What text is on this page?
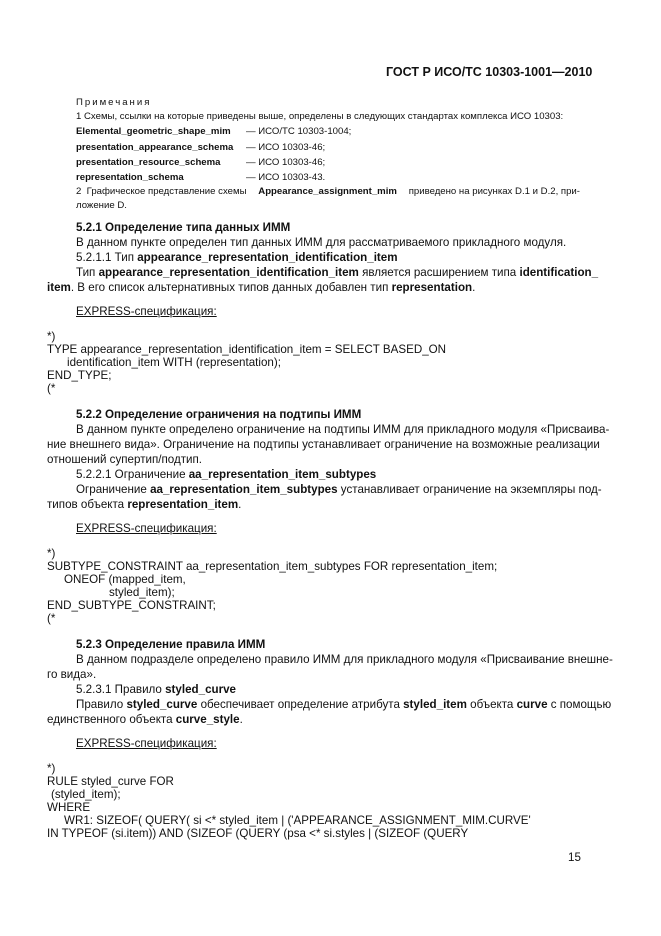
ГОСТ Р ИСО/ТС 10303-1001—2010
Примечания
1 Схемы, ссылки на которые приведены выше, определены в следующих стандартах комплекса ИСО 10303:
Elemental_geometric_shape_mim — ИСО/ТС 10303-1004;
presentation_appearance_schema — ИСО 10303-46;
presentation_resource_schema	— ИСО 10303-46;
representation_schema	— ИСО 10303-43.
2  Графическое представление схемы Appearance_assignment_mim приведено на рисунках D.1 и D.2, при-
ложение D.
5.2.1 Определение типа данных ИММ
В данном пункте определен тип данных ИММ для рассматриваемого прикладного модуля.
5.2.1.1 Тип appearance_representation_identification_item
Тип appearance_representation_identification_item является расширением типа identification_
item. В его список альтернативных типов данных добавлен тип representation.
EXPRESS-спецификация:
*)
TYPE appearance_representation_identification_item = SELECT BASED_ON
identification_item WITH (representation);
END_TYPE;
(*
5.2.2 Определение ограничения на подтипы ИММ
В данном пункте определено ограничение на подтипы ИММ для прикладного модуля «Присваива-
ние внешнего вида». Ограничение на подтипы устанавливает ограничение на возможные реализации
отношений супертип/подтип.
5.2.2.1 Ограничение aa_representation_item_subtypes
Ограничение aa_representation_item_subtypes устанавливает ограничение на экземпляры под-
типов объекта representation_item.
EXPRESS-спецификация:
*)
SUBTYPE_CONSTRAINT aa_representation_item_subtypes FOR representation_item;
ONEOF (mapped_item,
styled_item);
END_SUBTYPE_CONSTRAINT;
(*
5.2.3 Определение правила ИММ
В данном подразделе определено правило ИММ для прикладного модуля «Присваивание внешне-
го вида».
5.2.3.1 Правило styled_curve
Правило styled_curve обеспечивает определение атрибута styled_item объекта curve с помощью
единственного объекта curve_style.
EXPRESS-спецификация:
*)
RULE styled_curve FOR
(styled_item);
WHERE
WR1: SIZEOF( QUERY( si <* styled_item | ('APPEARANCE_ASSIGNMENT_MIM.CURVE'
IN TYPEOF (si.item)) AND (SIZEOF (QUERY (psa <* si.styles | (SIZEOF (QUERY
15
